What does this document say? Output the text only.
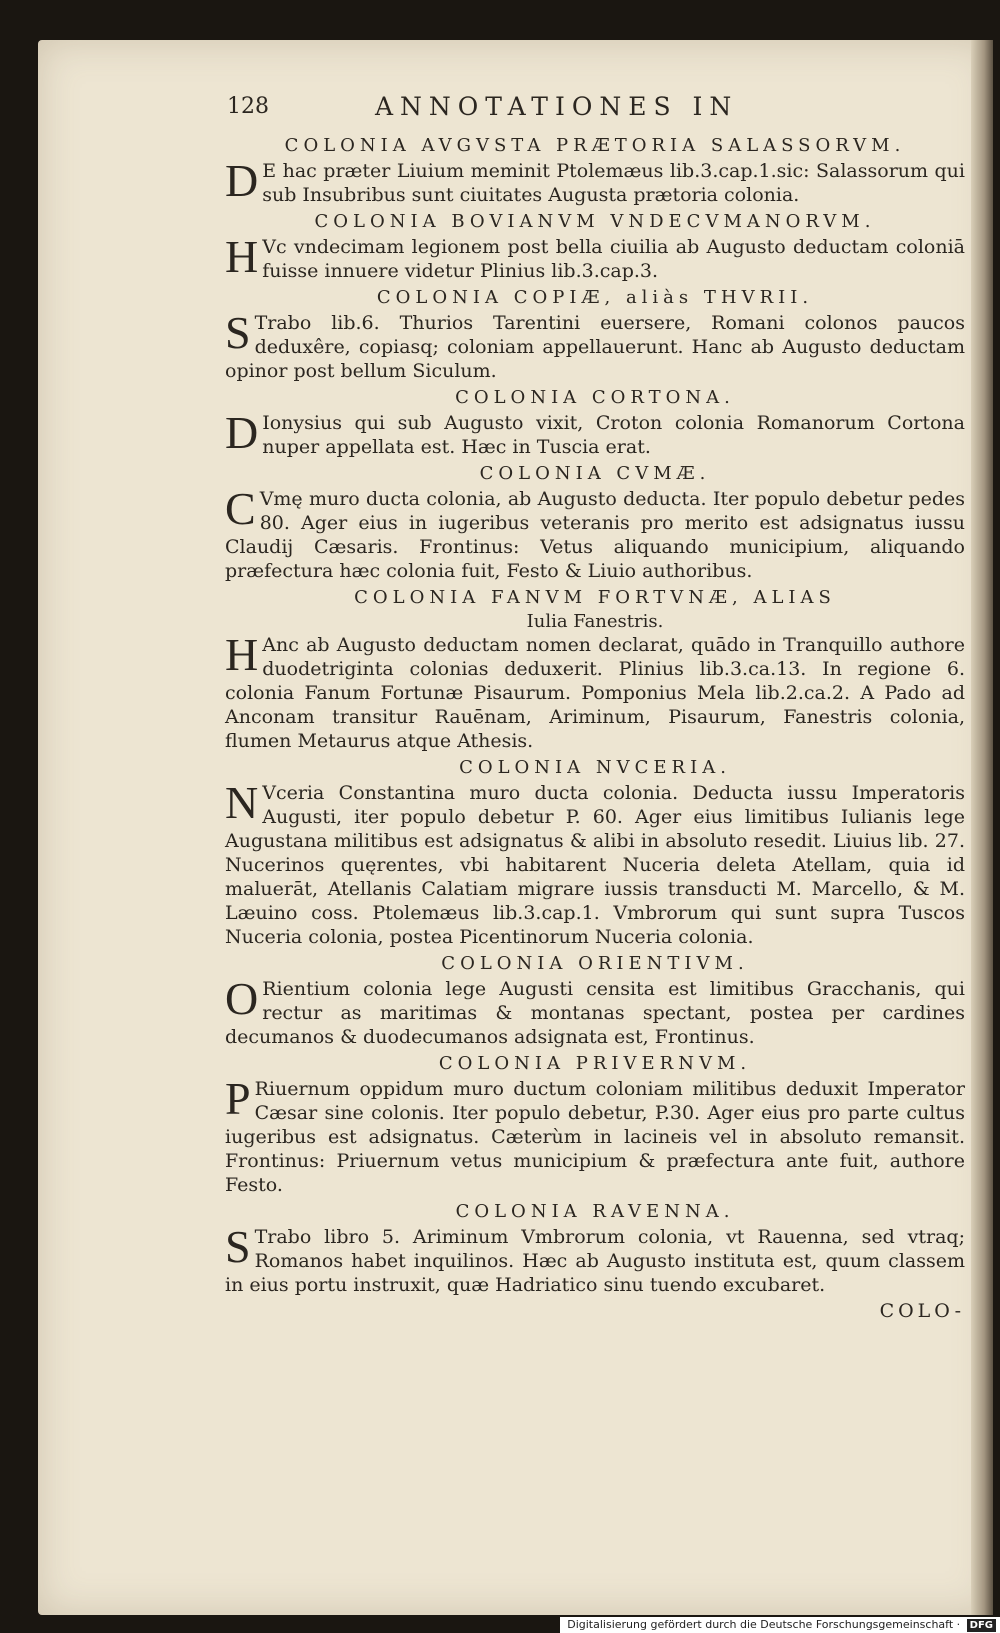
128	ANNOTATIONES IN

COLONIA AVGVSTA PRÆTORIA SALASSORVM.

D E hac præter Liuium meminit Ptolemæus lib.3.cap.1.sic: Salassorum qui sub Insubribus sunt ciuitates Augusta prætoria colonia.

COLONIA BOVIANVM VNDECVMANORVM.

H Vc vndecimam legionem post bella ciuilia ab Augusto deductam coloniā fuisse innuere videtur Plinius lib.3.cap.3.

COLONIA COPIÆ, aliàs THVRII.

S Trabo lib.6. Thurios Tarentini euersere, Romani colonos paucos deduxêre, copiasq; coloniam appellauerunt. Hanc ab Augusto deductam opinor post bellum Siculum.

COLONIA CORTONA.

D Ionysius qui sub Augusto vixit, Croton colonia Romanorum Cortona nuper appellata est. Hæc in Tuscia erat.

COLONIA CVMÆ.

C Vmę muro ducta colonia, ab Augusto deducta. Iter populo debetur pedes 80. Ager eius in iugeribus veteranis pro merito est adsignatus iussu Claudij Cæsaris. Frontinus: Vetus aliquando municipium, aliquando præfectura hæc colonia fuit, Festo & Liuio authoribus.

COLONIA FANVM FORTVNÆ, ALIAS

Iulia Fanestris.

H Anc ab Augusto deductam nomen declarat, quādo in Tranquillo authore duodetriginta colonias deduxerit. Plinius lib.3.ca.13. In regione 6. colonia Fanum Fortunæ Pisaurum. Pomponius Mela lib.2.ca.2. A Pado ad Anconam transitur Rauēnam, Ariminum, Pisaurum, Fanestris colonia, flumen Metaurus atque Athesis.

COLONIA NVCERIA.

N Vceria Constantina muro ducta colonia. Deducta iussu Imperatoris Augusti, iter populo debetur P. 60. Ager eius limitibus Iulianis lege Augustana militibus est adsignatus & alibi in absoluto resedit. Liuius lib. 27. Nucerinos quęrentes, vbi habitarent Nuceria deleta Atellam, quia id maluerāt, Atellanis Calatiam migrare iussis transducti M. Marcello, & M. Læuino coss. Ptolemæus lib.3.cap.1. Vmbrorum qui sunt supra Tuscos Nuceria colonia, postea Picentinorum Nuceria colonia.

COLONIA ORIENTIVM.

O Rientium colonia lege Augusti censita est limitibus Gracchanis, qui rectur as maritimas & montanas spectant, postea per cardines decumanos & duodecumanos adsignata est, Frontinus.

COLONIA PRIVERNVM.

P Riuernum oppidum muro ductum coloniam militibus deduxit Imperator Cæsar sine colonis. Iter populo debetur, P.30. Ager eius pro parte cultus iugeribus est adsignatus. Cæterùm in lacineis vel in absoluto remansit. Frontinus: Priuernum vetus municipium & præfectura ante fuit, authore Festo.

COLONIA RAVENNA.

S Trabo libro 5. Ariminum Vmbrorum colonia, vt Rauenna, sed vtraq; Romanos habet inquilinos. Hæc ab Augusto instituta est, quum classem in eius portu instruxit, quæ Hadriatico sinu tuendo excubaret.

COLO-
Digitalisierung gefördert durch die Deutsche Forschungsgemeinschaft · DFG
